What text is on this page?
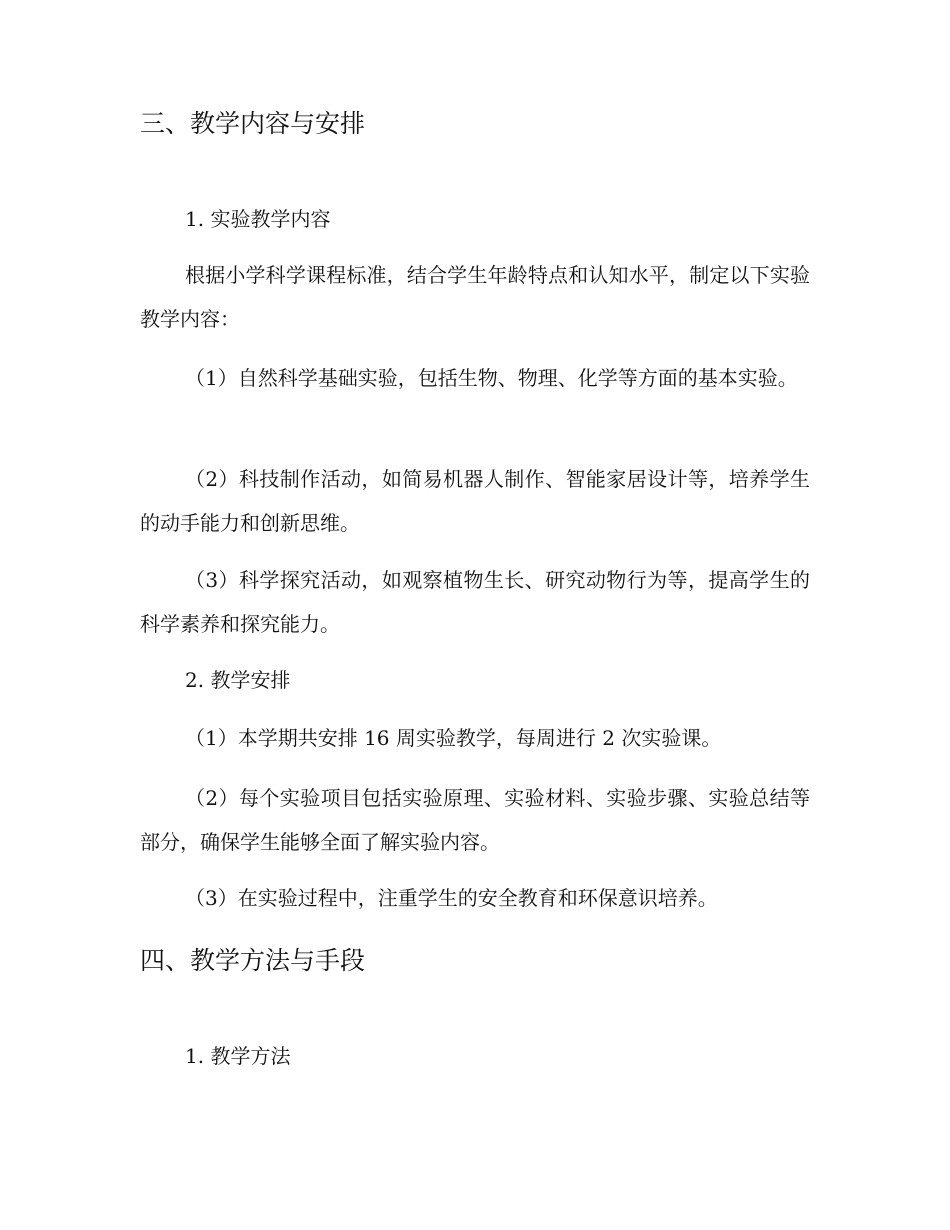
三、教学内容与安排
1. 实验教学内容

根据小学科学课程标准，结合学生年龄特点和认知水平，制定以下实验教学内容：

（1）自然科学基础实验，包括生物、物理、化学等方面的基本实验。

（2）科技制作活动，如简易机器人制作、智能家居设计等，培养学生的动手能力和创新思维。

（3）科学探究活动，如观察植物生长、研究动物行为等，提高学生的科学素养和探究能力。

2. 教学安排

（1）本学期共安排 16 周实验教学，每周进行 2 次实验课。

（2）每个实验项目包括实验原理、实验材料、实验步骤、实验总结等部分，确保学生能够全面了解实验内容。

（3）在实验过程中，注重学生的安全教育和环保意识培养。

四、教学方法与手段
1. 教学方法
